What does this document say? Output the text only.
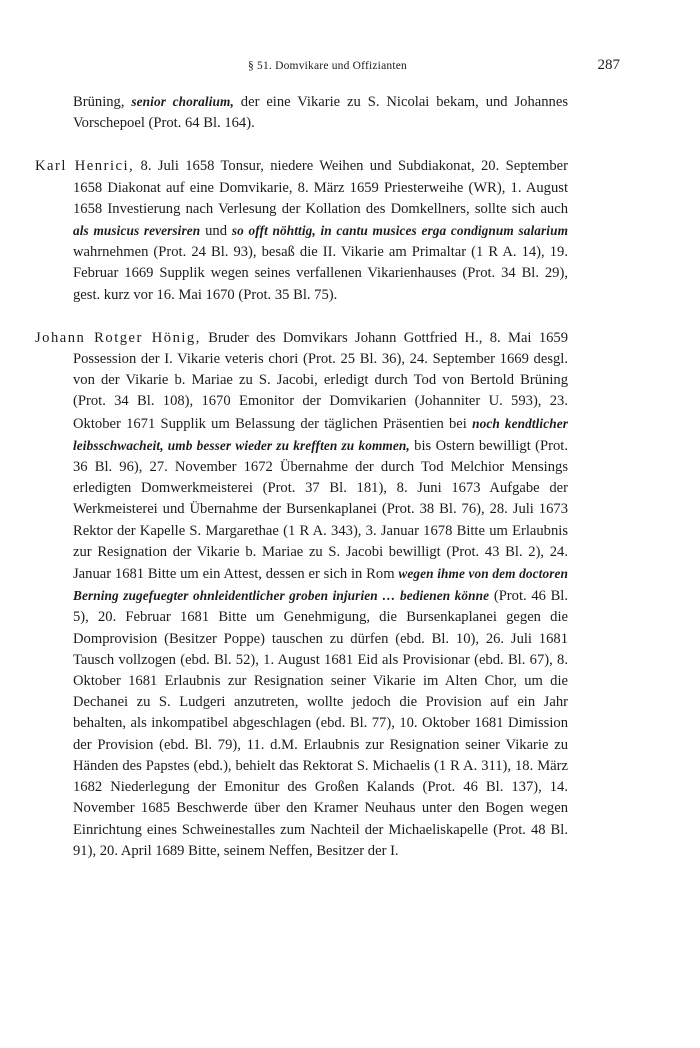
§ 51. Domvikare und Offizianten	287

Brüning, senior choralium, der eine Vikarie zu S. Nicolai bekam, und Johannes Vorschepoel (Prot. 64 Bl. 164).

Karl Henrici, 8. Juli 1658 Tonsur, niedere Weihen und Subdiakonat, 20. September 1658 Diakonat auf eine Domvikarie, 8. März 1659 Priesterweihe (WR), 1. August 1658 Investierung nach Verlesung der Kollation des Domkellners, sollte sich auch als musicus reversiren und so offt nöhttig, in cantu musices erga condignum salarium wahrnehmen (Prot. 24 Bl. 93), besaß die II. Vikarie am Primaltar (1 R A. 14), 19. Februar 1669 Supplik wegen seines verfallenen Vikarienhauses (Prot. 34 Bl. 29), gest. kurz vor 16. Mai 1670 (Prot. 35 Bl. 75).

Johann Rotger Hönig, Bruder des Domvikars Johann Gottfried H., 8. Mai 1659 Possession der I. Vikarie veteris chori (Prot. 25 Bl. 36), 24. September 1669 desgl. von der Vikarie b. Mariae zu S. Jacobi, erledigt durch Tod von Bertold Brüning (Prot. 34 Bl. 108), 1670 Emonitor der Domvikarien (Johanniter U. 593), 23. Oktober 1671 Supplik um Belassung der täglichen Präsentien bei noch kendtlicher leibsschwacheit, umb besser wieder zu krefften zu kommen, bis Ostern bewilligt (Prot. 36 Bl. 96), 27. November 1672 Übernahme der durch Tod Melchior Mensings erledigten Domwerkmeisterei (Prot. 37 Bl. 181), 8. Juni 1673 Aufgabe der Werkmeisterei und Übernahme der Bursenkaplanei (Prot. 38 Bl. 76), 28. Juli 1673 Rektor der Kapelle S. Margarethae (1 R A. 343), 3. Januar 1678 Bitte um Erlaubnis zur Resignation der Vikarie b. Mariae zu S. Jacobi bewilligt (Prot. 43 Bl. 2), 24. Januar 1681 Bitte um ein Attest, dessen er sich in Rom wegen ihme von dem doctoren Berning zugefuegter ohnleidentlicher groben injurien … bedienen könne (Prot. 46 Bl. 5), 20. Februar 1681 Bitte um Genehmigung, die Bursenkaplanei gegen die Domprovision (Besitzer Poppe) tauschen zu dürfen (ebd. Bl. 10), 26. Juli 1681 Tausch vollzogen (ebd. Bl. 52), 1. August 1681 Eid als Provisionar (ebd. Bl. 67), 8. Oktober 1681 Erlaubnis zur Resignation seiner Vikarie im Alten Chor, um die Dechanei zu S. Ludgeri anzutreten, wollte jedoch die Provision auf ein Jahr behalten, als inkompatibel abgeschlagen (ebd. Bl. 77), 10. Oktober 1681 Dimission der Provision (ebd. Bl. 79), 11. d.M. Erlaubnis zur Resignation seiner Vikarie zu Händen des Papstes (ebd.), behielt das Rektorat S. Michaelis (1 R A. 311), 18. März 1682 Niederlegung der Emonitur des Großen Kalands (Prot. 46 Bl. 137), 14. November 1685 Beschwerde über den Kramer Neuhaus unter den Bogen wegen Einrichtung eines Schweinestalles zum Nachteil der Michaeliskapelle (Prot. 48 Bl. 91), 20. April 1689 Bitte, seinem Neffen, Besitzer der I.
